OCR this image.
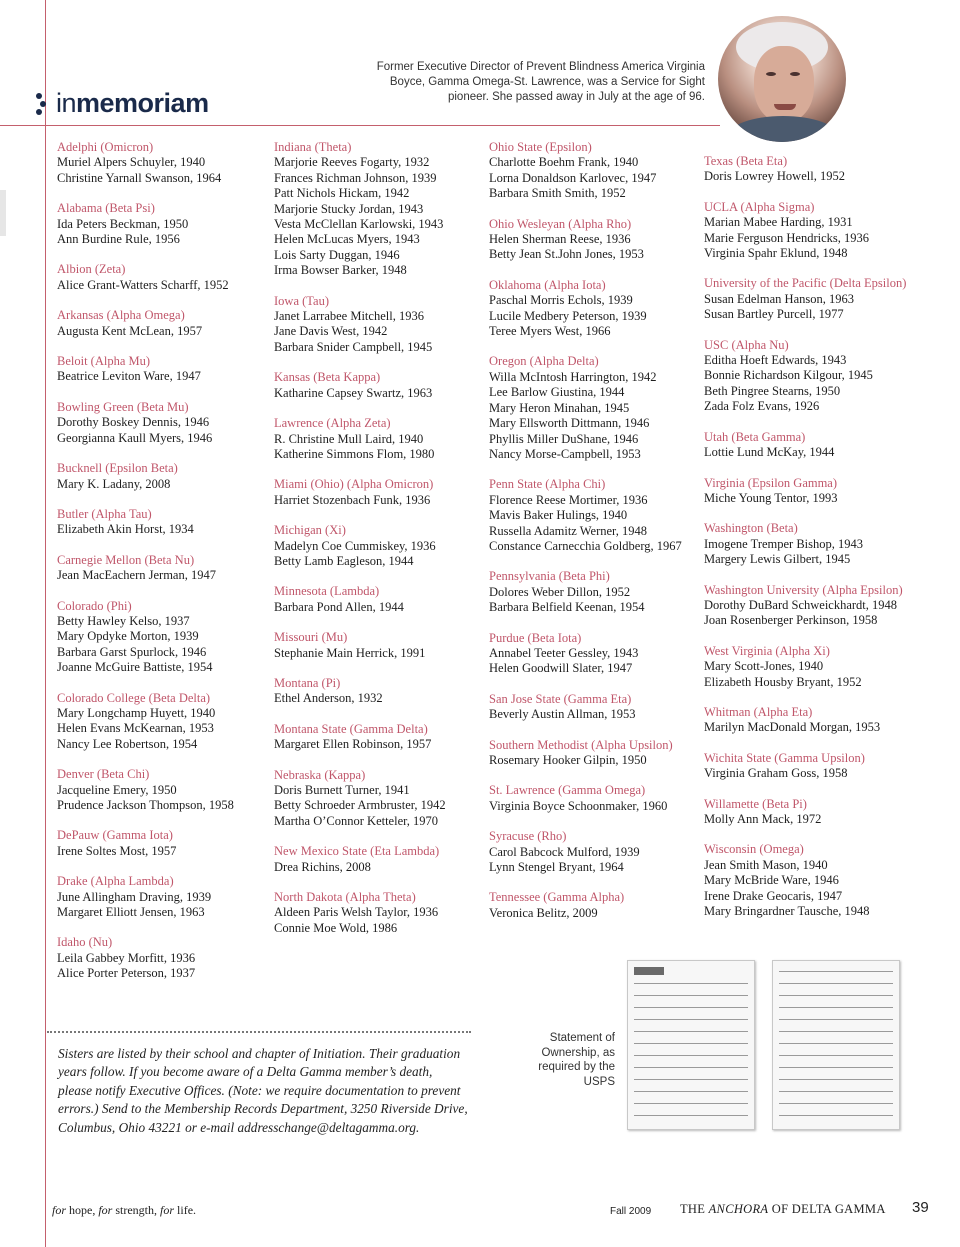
in memoriam
Former Executive Director of Prevent Blindness America Virginia Boyce, Gamma Omega-St. Lawrence, was a Service for Sight pioneer. She passed away in July at the age of 96.
Adelphi (Omicron)
Muriel Alpers Schuyler, 1940
Christine Yarnall Swanson, 1964
Alabama (Beta Psi)
Ida Peters Beckman, 1950
Ann Burdine Rule, 1956
Albion (Zeta)
Alice Grant-Watters Scharff, 1952
Arkansas (Alpha Omega)
Augusta Kent McLean, 1957
Beloit (Alpha Mu)
Beatrice Leviton Ware, 1947
Bowling Green (Beta Mu)
Dorothy Boskey Dennis, 1946
Georgianna Kaull Myers, 1946
Bucknell (Epsilon Beta)
Mary K. Ladany, 2008
Butler (Alpha Tau)
Elizabeth Akin Horst, 1934
Carnegie Mellon (Beta Nu)
Jean MacEachern Jerman, 1947
Colorado (Phi)
Betty Hawley Kelso, 1937
Mary Opdyke Morton, 1939
Barbara Garst Spurlock, 1946
Joanne McGuire Battiste, 1954
Colorado College (Beta Delta)
Mary Longchamp Huyett, 1940
Helen Evans McKearnan, 1953
Nancy Lee Robertson, 1954
Denver (Beta Chi)
Jacqueline Emery, 1950
Prudence Jackson Thompson, 1958
DePauw (Gamma Iota)
Irene Soltes Most, 1957
Drake (Alpha Lambda)
June Allingham Draving, 1939
Margaret Elliott Jensen, 1963
Idaho (Nu)
Leila Gabbey Morfitt, 1936
Alice Porter Peterson, 1937
Indiana (Theta)
Marjorie Reeves Fogarty, 1932
Frances Richman Johnson, 1939
Patt Nichols Hickam, 1942
Marjorie Stucky Jordan, 1943
Vesta McClellan Karlowski, 1943
Helen McLucas Myers, 1943
Lois Sarty Duggan, 1946
Irma Bowser Barker, 1948
Iowa (Tau)
Janet Larrabee Mitchell, 1936
Jane Davis West, 1942
Barbara Snider Campbell, 1945
Kansas (Beta Kappa)
Katharine Capsey Swartz, 1963
Lawrence (Alpha Zeta)
R. Christine Mull Laird, 1940
Katherine Simmons Flom, 1980
Miami (Ohio) (Alpha Omicron)
Harriet Stozenbach Funk, 1936
Michigan (Xi)
Madelyn Coe Cummiskey, 1936
Betty Lamb Eagleson, 1944
Minnesota (Lambda)
Barbara Pond Allen, 1944
Missouri (Mu)
Stephanie Main Herrick, 1991
Montana (Pi)
Ethel Anderson, 1932
Montana State (Gamma Delta)
Margaret Ellen Robinson, 1957
Nebraska (Kappa)
Doris Burnett Turner, 1941
Betty Schroeder Armbruster, 1942
Martha O’Connor Ketteler, 1970
New Mexico State (Eta Lambda)
Drea Richins, 2008
North Dakota (Alpha Theta)
Aldeen Paris Welsh Taylor, 1936
Connie Moe Wold, 1986
Ohio State (Epsilon)
Charlotte Boehm Frank, 1940
Lorna Donaldson Karlovec, 1947
Barbara Smith Smith, 1952
Ohio Wesleyan (Alpha Rho)
Helen Sherman Reese, 1936
Betty Jean St.John Jones, 1953
Oklahoma (Alpha Iota)
Paschal Morris Echols, 1939
Lucile Medbery Peterson, 1939
Teree Myers West, 1966
Oregon (Alpha Delta)
Willa McIntosh Harrington, 1942
Lee Barlow Giustina, 1944
Mary Heron Minahan, 1945
Mary Ellsworth Dittmann, 1946
Phyllis Miller DuShane, 1946
Nancy Morse-Campbell, 1953
Penn State (Alpha Chi)
Florence Reese Mortimer, 1936
Mavis Baker Hulings, 1940
Russella Adamitz Werner, 1948
Constance Carnecchia Goldberg, 1967
Pennsylvania (Beta Phi)
Dolores Weber Dillon, 1952
Barbara Belfield Keenan, 1954
Purdue (Beta Iota)
Annabel Teeter Gessley, 1943
Helen Goodwill Slater, 1947
San Jose State (Gamma Eta)
Beverly Austin Allman, 1953
Southern Methodist (Alpha Upsilon)
Rosemary Hooker Gilpin, 1950
St. Lawrence (Gamma Omega)
Virginia Boyce Schoonmaker, 1960
Syracuse (Rho)
Carol Babcock Mulford, 1939
Lynn Stengel Bryant, 1964
Tennessee (Gamma Alpha)
Veronica Belitz, 2009
Texas (Beta Eta)
Doris Lowrey Howell, 1952
UCLA (Alpha Sigma)
Marian Mabee Harding, 1931
Marie Ferguson Hendricks, 1936
Virginia Spahr Eklund, 1948
University of the Pacific (Delta Epsilon)
Susan Edelman Hanson, 1963
Susan Bartley Purcell, 1977
USC (Alpha Nu)
Editha Hoeft Edwards, 1943
Bonnie Richardson Kilgour, 1945
Beth Pingree Stearns, 1950
Zada Folz Evans, 1926
Utah (Beta Gamma)
Lottie Lund McKay, 1944
Virginia (Epsilon Gamma)
Miche Young Tentor, 1993
Washington (Beta)
Imogene Tremper Bishop, 1943
Margery Lewis Gilbert, 1945
Washington University (Alpha Epsilon)
Dorothy DuBard Schweickhardt, 1948
Joan Rosenberger Perkinson, 1958
West Virginia (Alpha Xi)
Mary Scott-Jones, 1940
Elizabeth Housby Bryant, 1952
Whitman (Alpha Eta)
Marilyn MacDonald Morgan, 1953
Wichita State (Gamma Upsilon)
Virginia Graham Goss, 1958
Willamette (Beta Pi)
Molly Ann Mack, 1972
Wisconsin (Omega)
Jean Smith Mason, 1940
Mary McBride Ware, 1946
Irene Drake Geocaris, 1947
Mary Bringardner Tausche, 1948
Sisters are listed by their school and chapter of Initiation. Their graduation years follow. If you become aware of a Delta Gamma member’s death, please notify Executive Offices. (Note: we require documentation to prevent errors.) Send to the Membership Records Department, 3250 Riverside Drive, Columbus, Ohio 43221 or e-mail addresschange@deltagamma.org.
Statement of Ownership, as required by the USPS
for hope, for strength, for life.	Fall 2009 THE ANCHORA OF DELTA GAMMA 39
